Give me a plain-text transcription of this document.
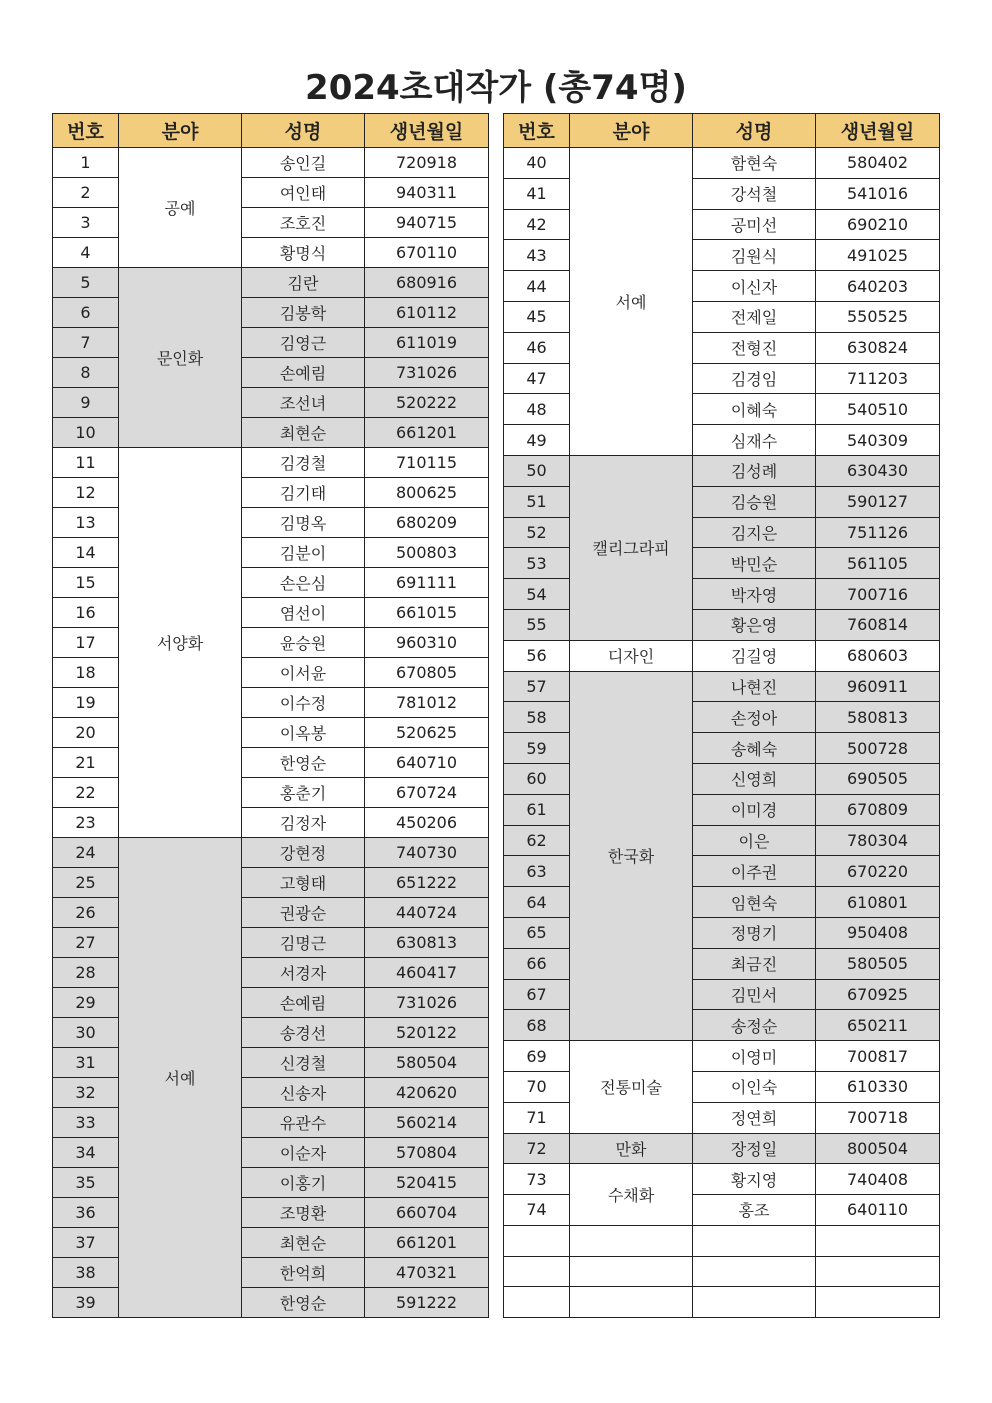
2024초대작가 (총74명)
번호	분야	성명	생년월일
1	공예	송인길	720918
2		여인태	940311
3		조호진	940715
4		황명식	670110
5	문인화	김란	680916
6		김봉학	610112
7		김영근	611019
8		손예림	731026
9		조선녀	520222
10		최현순	661201
11	서양화	김경철	710115
12		김기태	800625
13		김명옥	680209
14		김분이	500803
15		손은심	691111
16		염선이	661015
17		윤승원	960310
18		이서윤	670805
19		이수정	781012
20		이옥봉	520625
21		한영순	640710
22		홍춘기	670724
23		김정자	450206
24	서예	강현정	740730
25		고형태	651222
26		권광순	440724
27		김명근	630813
28		서경자	460417
29		손예림	731026
30		송경선	520122
31		신경철	580504
32		신송자	420620
33		유관수	560214
34		이순자	570804
35		이홍기	520415
36		조명환	660704
37		최현순	661201
38		한억희	470321
39		한영순	591222
번호	분야	성명	생년월일
40	서예	함현숙	580402
41		강석철	541016
42		공미선	690210
43		김원식	491025
44		이신자	640203
45		전제일	550525
46		전형진	630824
47		김경임	711203
48		이혜숙	540510
49		심재수	540309
50	캘리그라피	김성례	630430
51		김승원	590127
52		김지은	751126
53		박민순	561105
54		박자영	700716
55		황은영	760814
56	디자인	김길영	680603
57	한국화	나현진	960911
58		손정아	580813
59		송혜숙	500728
60		신영희	690505
61		이미경	670809
62		이은	780304
63		이주권	670220
64		임현숙	610801
65		정명기	950408
66		최금진	580505
67		김민서	670925
68		송정순	650211
69	전통미술	이영미	700817
70		이인숙	610330
71		정연희	700718
72	만화	장정일	800504
73	수채화	황지영	740408
74		홍조	640110
